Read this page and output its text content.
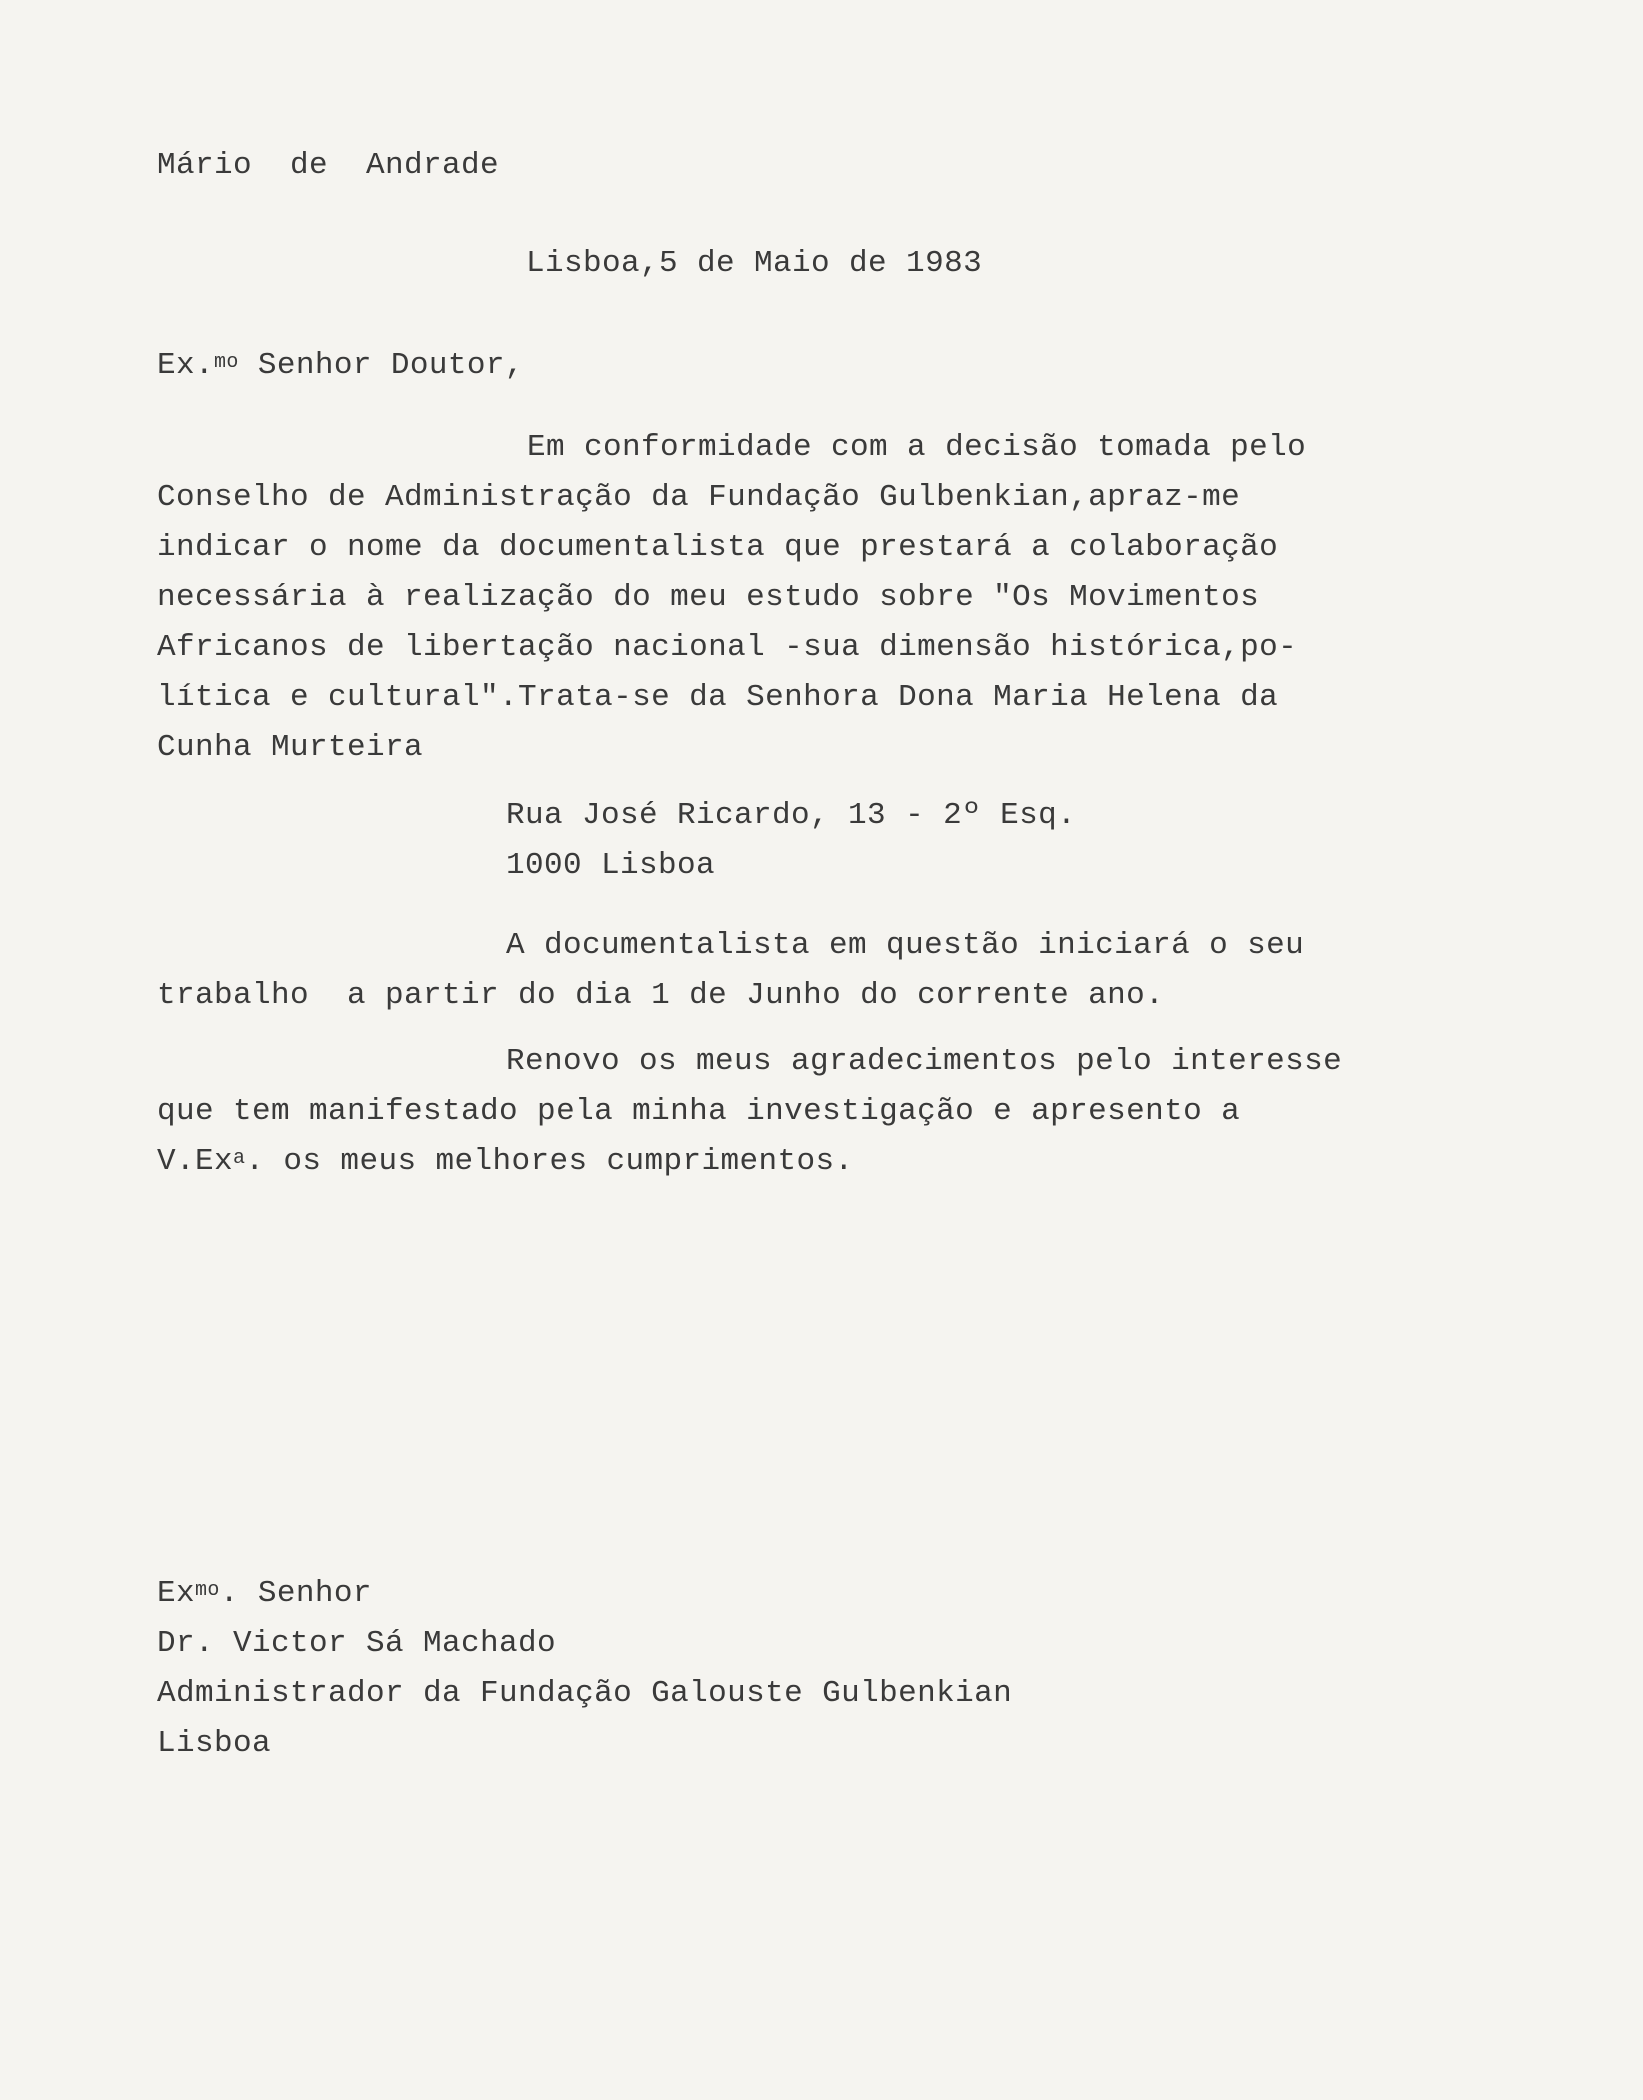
Mário  de  Andrade
Lisboa,5 de Maio de 1983
Ex.$^{mo}$ Senhor Doutor,
Em conformidade com a decisão tomada pelo
Conselho de Administração da Fundação Gulbenkian,apraz-me
indicar o nome da documentalista que prestará a colaboração
necessária à realização do meu estudo sobre "Os Movimentos
Africanos de libertação nacional -sua dimensão histórica,po-
lítica e cultural".Trata-se da Senhora Dona Maria Helena da
Cunha Murteira
Rua José Ricardo, 13 - 2º Esq.
1000 Lisboa
A documentalista em questão iniciará o seu
trabalho  a partir do dia 1 de Junho do corrente ano.
Renovo os meus agradecimentos pelo interesse
que tem manifestado pela minha investigação e apresento a
V.Ex$^a$. os meus melhores cumprimentos.
$Ex^{mo}$. Senhor
Dr. Victor Sá Machado
Administrador da Fundação Galouste Gulbenkian
Lisboa
